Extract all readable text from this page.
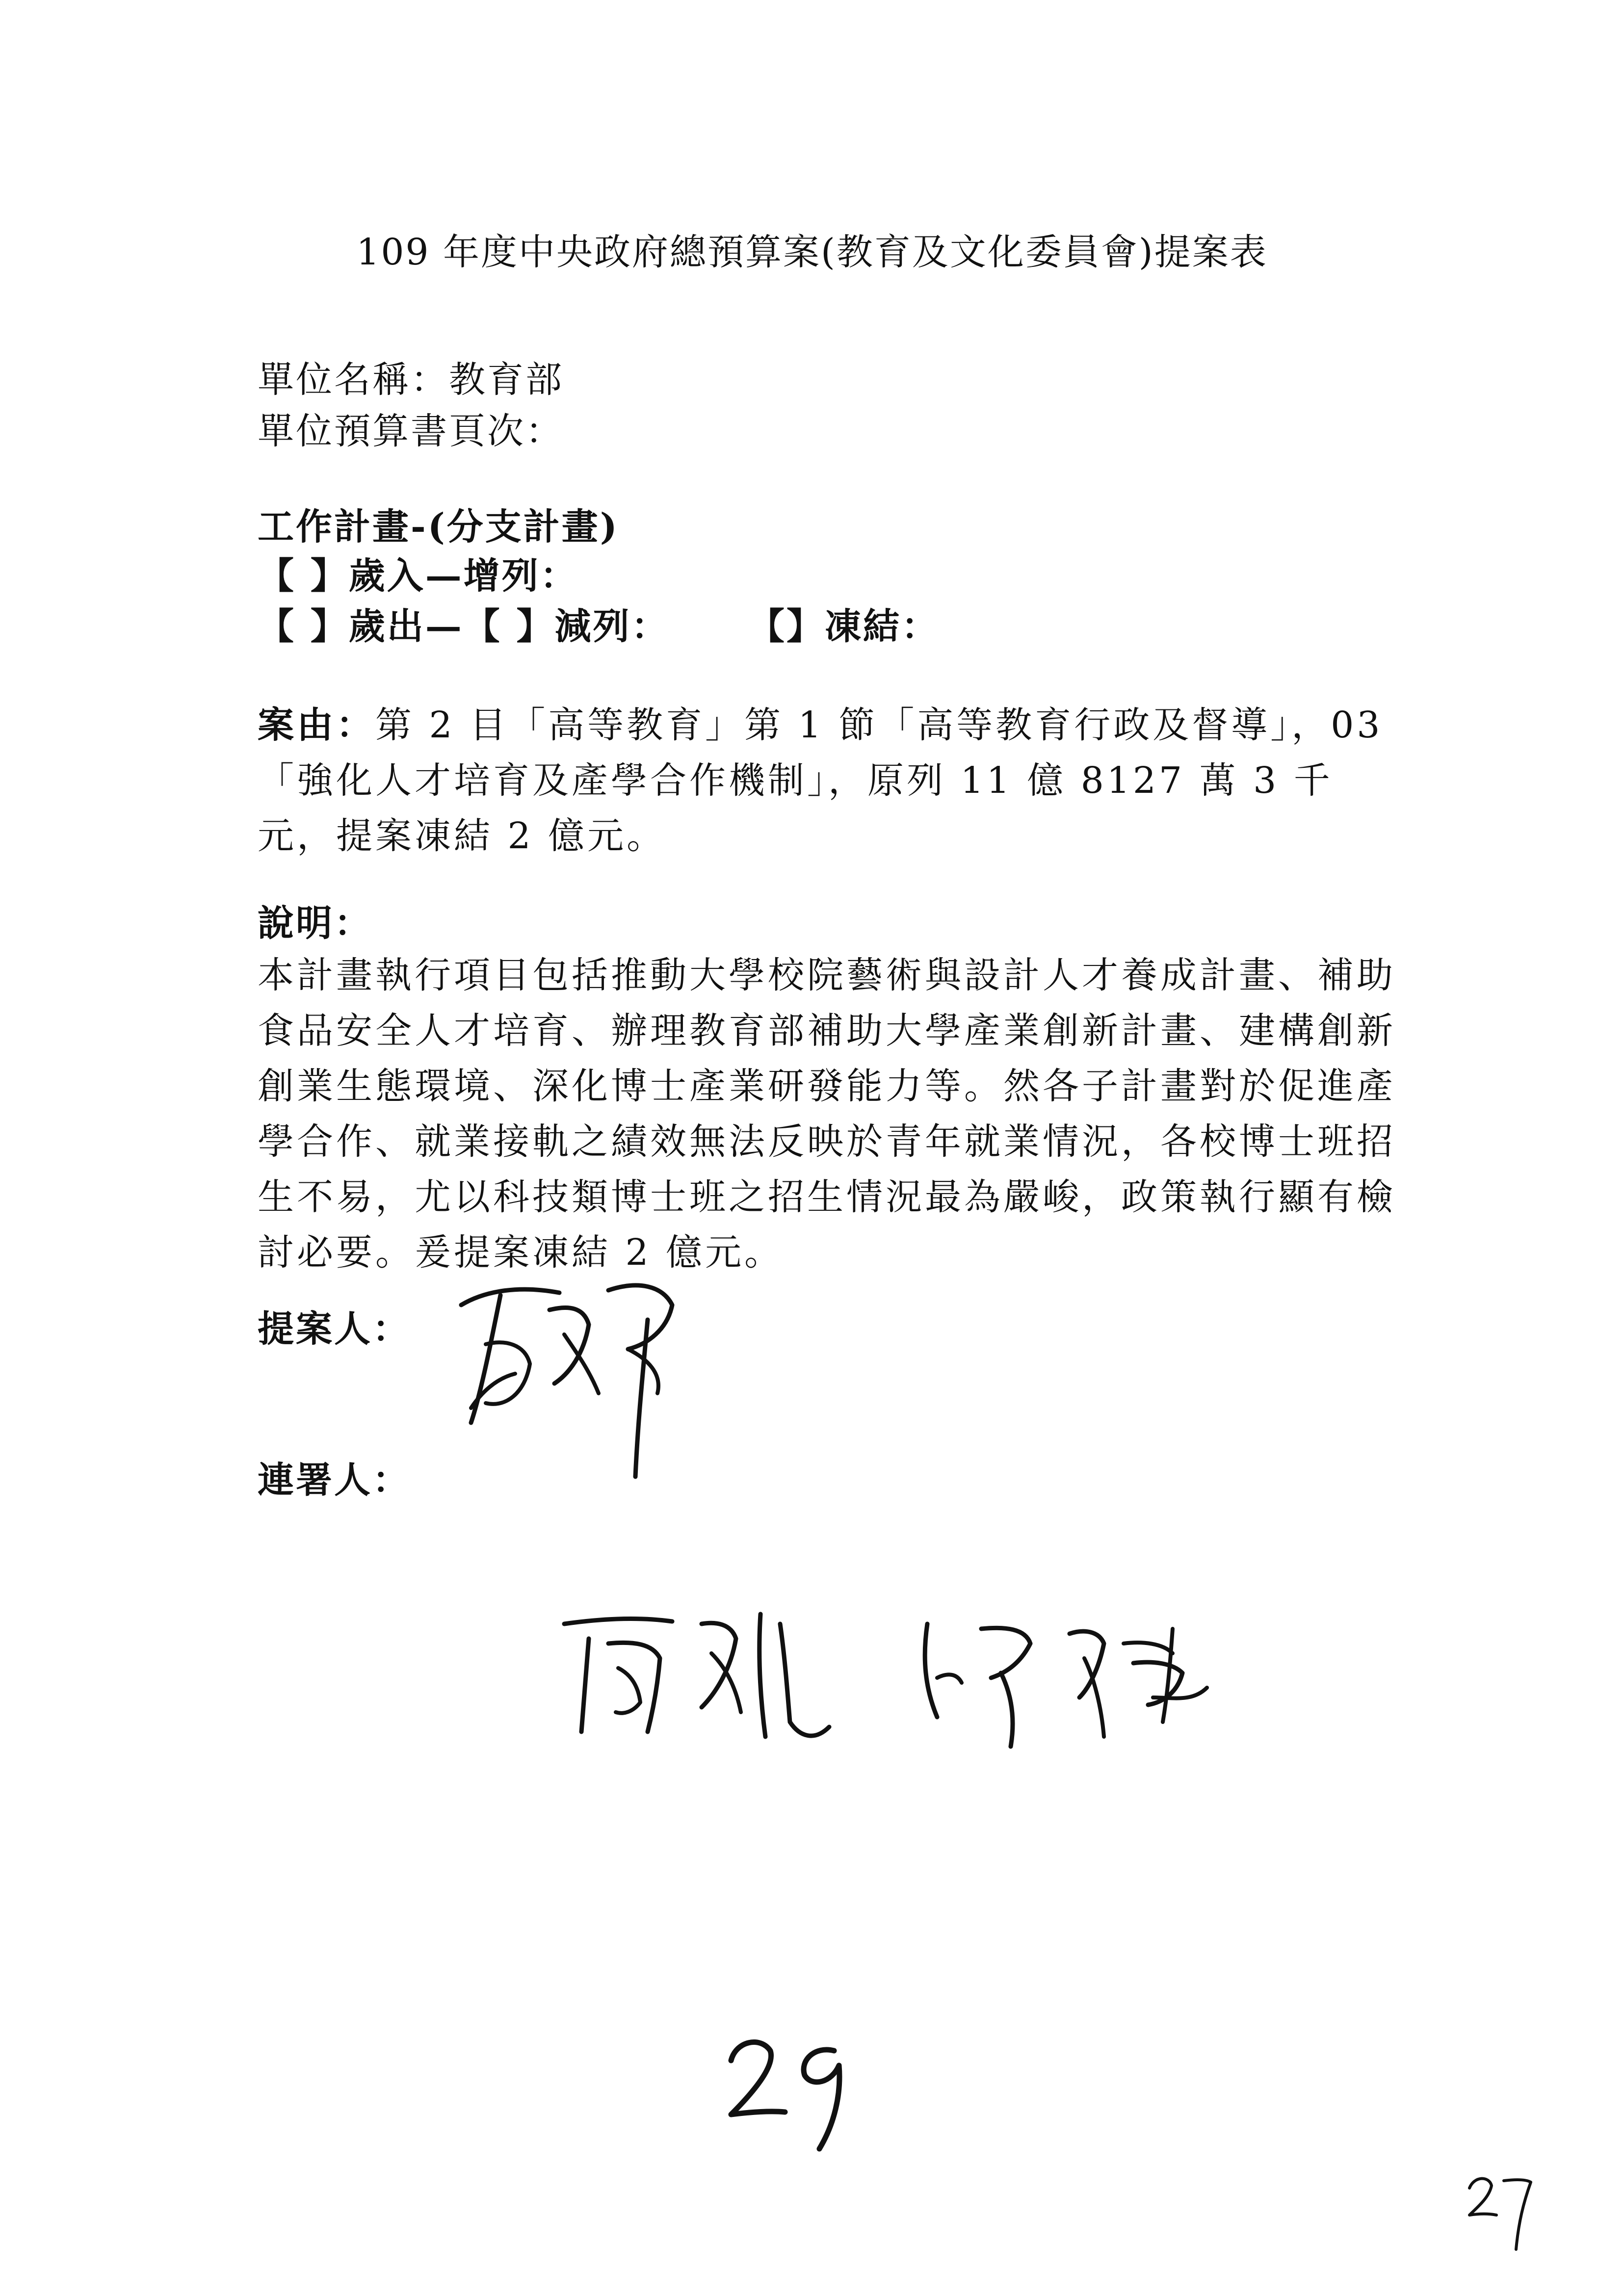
109 年度中央政府總預算案(教育及文化委員會)提案表
單位名稱：教育部
單位預算書頁次：
工作計畫-(分支計畫)
【 】歲入—增列：
【 】歲出—【 】減列： 【】凍結：
案由：第 2 目「高等教育」第 1 節「高等教育行政及督導」，03「強化人才培育及產學合作機制」，原列 11 億 8127 萬 3 千元，提案凍結 2 億元。
說明：
本計畫執行項目包括推動大學校院藝術與設計人才養成計畫、補助食品安全人才培育、辦理教育部補助大學產業創新計畫、建構創新創業生態環境、深化博士產業研發能力等。然各子計畫對於促進產學合作、就業接軌之績效無法反映於青年就業情況，各校博士班招生不易，尤以科技類博士班之招生情況最為嚴峻，政策執行顯有檢討必要。爰提案凍結 2 億元。
提案人：
連署人：
